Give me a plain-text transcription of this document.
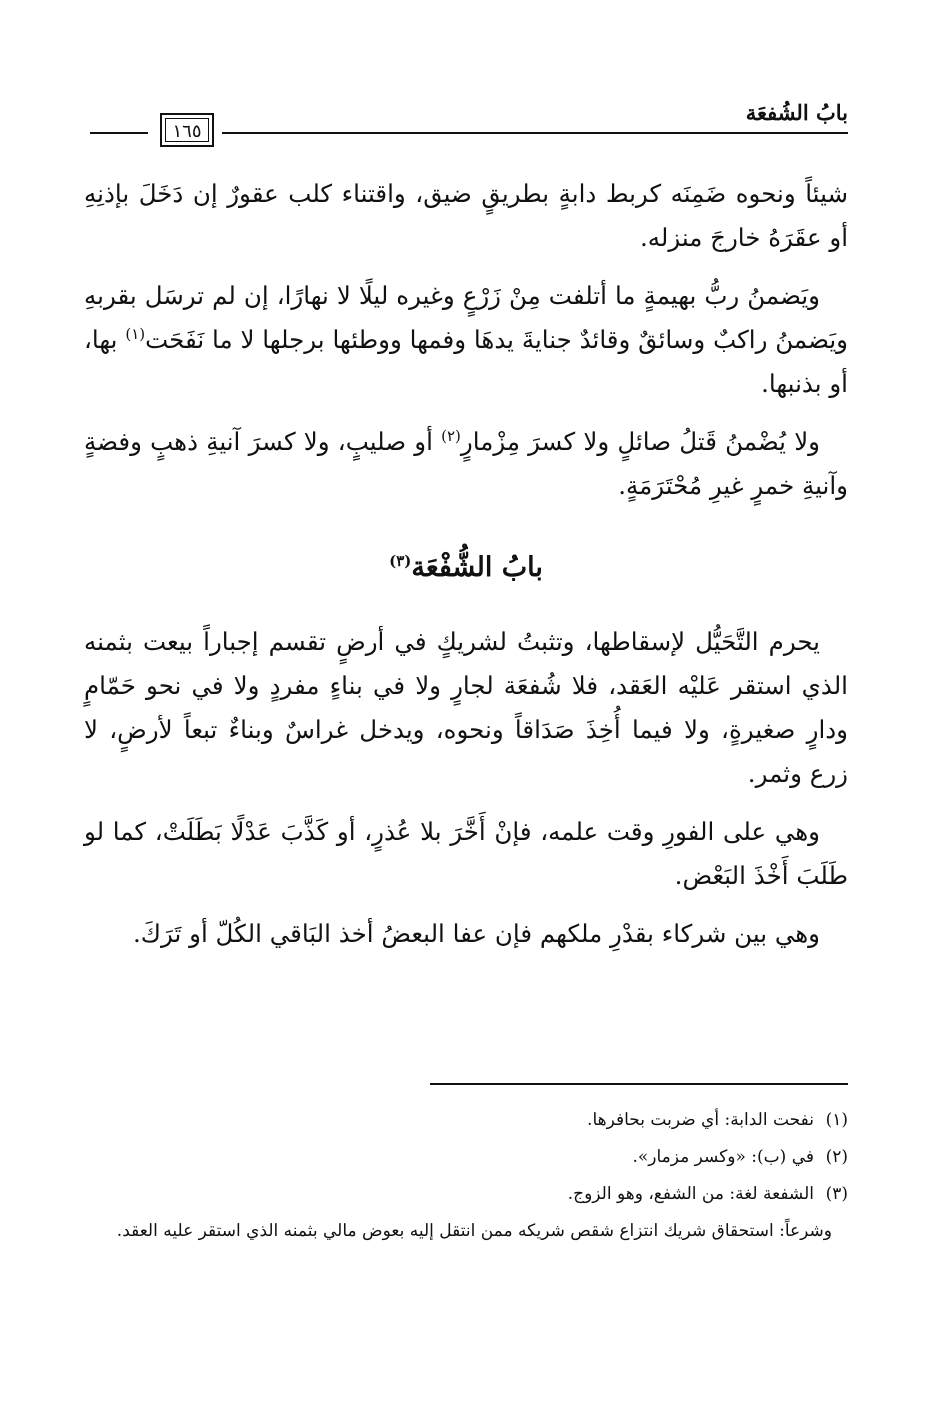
بابُ الشُفعَة
١٦٥

شيئاً ونحوه ضَمِنَه كربط دابةٍ بطريقٍ ضيق، واقتناء كلب عقورٌ إن دَخَلَ بإذنِهِ أو عقَرَهُ خارجَ منزله.

ويَضمنُ ربُّ بهيمةٍ ما أتلفت مِنْ زَرْعٍ وغيره ليلًا لا نهارًا، إن لم ترسَل بقربهِ ويَضمنُ راكبٌ وسائقٌ وقائدٌ جنايةَ يدهَا وفمها ووطئها برجلها لا ما نَفَحَت$^{(١)}$ بها، أو بذنبها.

ولا يُضْمنُ قَتلُ صائلٍ ولا كسرَ مِزْمارٍ$^{(٢)}$ أو صليبٍ، ولا كسرَ آنيةِ ذهبٍ وفضةٍ وآنيةِ خمرٍ غيرِ مُحْتَرَمَةٍ.

بابُ الشُّفْعَة$^{(٣)}$

يحرم التَّحَيُّل لإسقاطها، وتثبتُ لشريكٍ في أرضٍ تقسم إجباراً بيعت بثمنه الذي استقر عَليْه العَقد، فلا شُفعَة لجارٍ ولا في بناءٍ مفردٍ ولا في نحو حَمّامٍ ودارٍ صغيرةٍ، ولا فيما أُخِذَ صَدَاقاً ونحوه، ويدخل غراسٌ وبناءٌ تبعاً لأرضٍ، لا زرع وثمر.

وهي على الفورِ وقت علمه، فإنْ أَخَّرَ بلا عُذرٍ، أو كَذَّبَ عَدْلًا بَطَلَتْ، كما لو طَلَبَ أَخْذَ البَعْض.

وهي بين شركاء بقدْرِ ملكهم فإن عفا البعضُ أخذ البَاقي الكُلّ أو تَرَكَ.

(١)نفحت الدابة: أي ضربت بحافرها.

(٢)في (ب): «وكسر مزمار».

(٣)الشفعة لغة: من الشفع، وهو الزوج.

وشرعاً: استحقاق شريك انتزاع شقص شريكه ممن انتقل إليه بعوض مالي بثمنه الذي استقر عليه العقد.
